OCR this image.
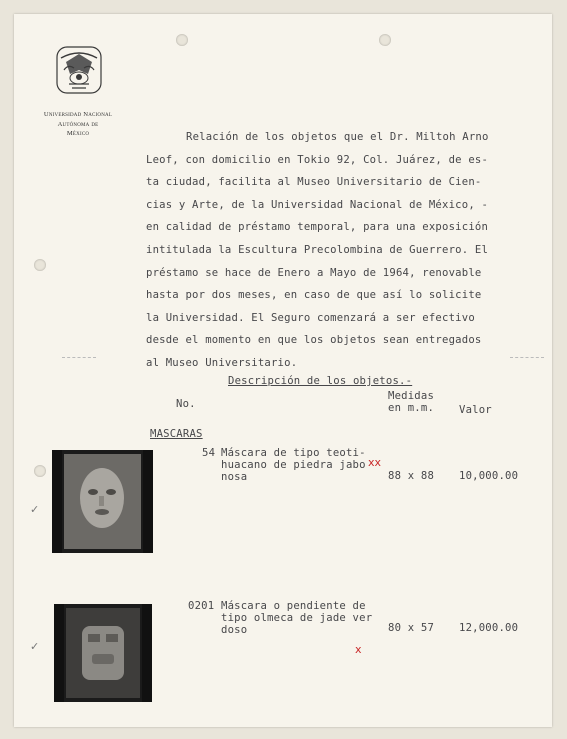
Universidad Nacional
Autónoma de
México	Relación de los objetos que el Dr. Miltoh Arno
Leof, con domicilio en Tokio 92, Col. Juárez, de es-
ta ciudad, facilita al Museo Universitario de Cien-
cias y Arte, de la Universidad Nacional de México, -
en calidad de préstamo temporal, para una exposición
intitulada la Escultura Precolombina de Guerrero. El
préstamo se hace de Enero a Mayo de 1964, renovable
hasta por dos meses, en caso de que así lo solicite
la Universidad. El Seguro comenzará a ser efectivo
desde el momento en que los objetos sean entregados
al Museo Universitario.

Descripción de los objetos.-

No.

Medidas
en m.m. Valor

MASCARAS

54 Máscara de tipo teoti-
huacano de piedra jabo
nosa

xx

88 x 88 10,000.00

0201 Máscara o pendiente de
tipo olmeca de jade ver
doso	80 x 57 12,000.00

x
✓
✓
